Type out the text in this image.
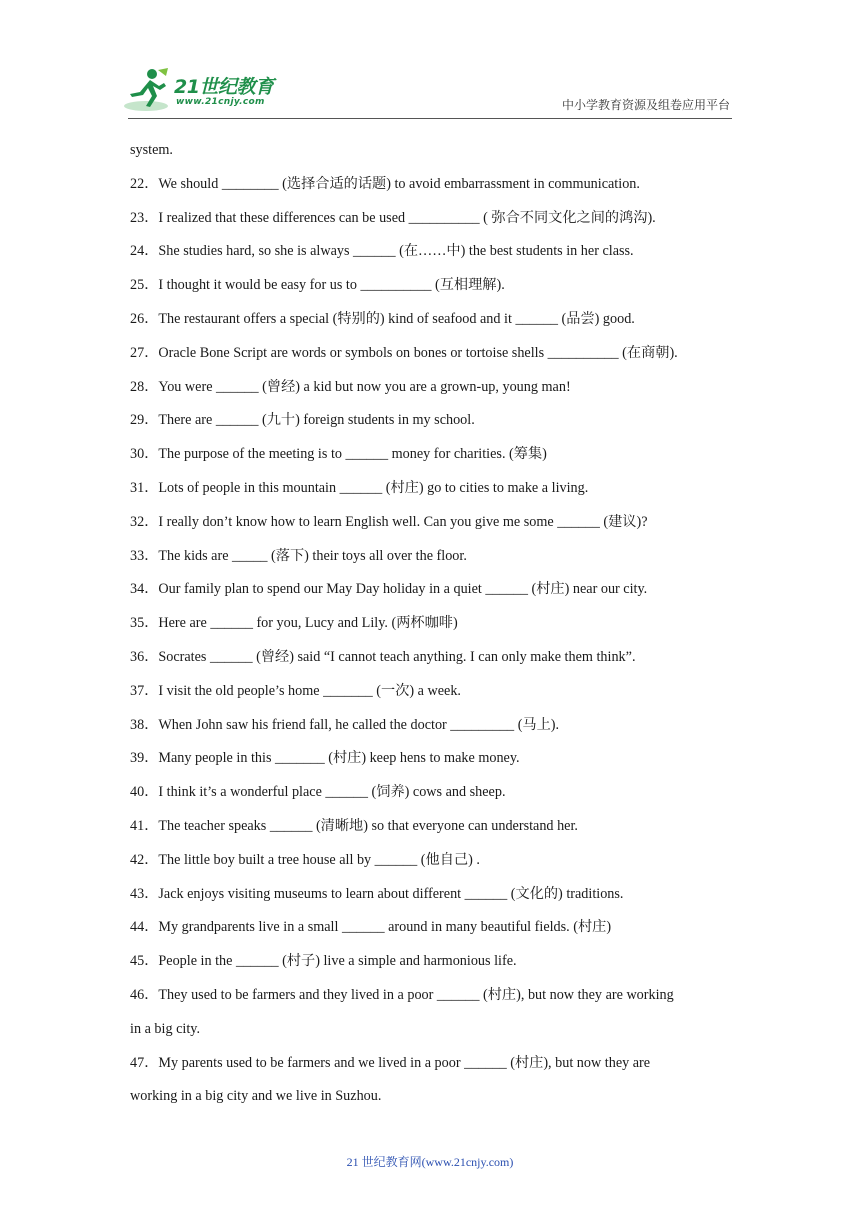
21世纪教育
www.21cnjy.com	中小学教育资源及组卷应用平台
system.
22．We should ________ (选择合适的话题) to avoid embarrassment in communication.
23．I realized that these differences can be used __________ ( 弥合不同文化之间的鸿沟).
24．She studies hard, so she is always ______ (在……中) the best students in her class.
25．I thought it would be easy for us to __________ (互相理解).
26．The restaurant offers a special (特别的) kind of seafood and it ______ (品尝) good.
27．Oracle Bone Script are words or symbols on bones or tortoise shells __________ (在商朝).
28．You were ______ (曾经) a kid but now you are a grown-up, young man!
29．There are ______ (九十) foreign students in my school.
30．The purpose of the meeting is to ______ money for charities. (筹集)
31．Lots of people in this mountain ______ (村庄) go to cities to make a living.
32．I really don’t know how to learn English well. Can you give me some ______ (建议)?
33．The kids are _____ (落下) their toys all over the floor.
34．Our family plan to spend our May Day holiday in a quiet ______ (村庄) near our city.
35．Here are ______ for you, Lucy and Lily. (两杯咖啡)
36．Socrates ______ (曾经) said “I cannot teach anything. I can only make them think”.
37．I visit the old people’s home _______ (一次) a week.
38．When John saw his friend fall, he called the doctor _________ (马上).
39．Many people in this _______ (村庄) keep hens to make money.
40．I think it’s a wonderful place ______ (饲养) cows and sheep.
41．The teacher speaks ______ (清晰地) so that everyone can understand her.
42．The little boy built a tree house all by ______ (他自己) .
43．Jack enjoys visiting museums to learn about different ______ (文化的) traditions.
44．My grandparents live in a small ______ around in many beautiful fields. (村庄)
45．People in the ______ (村子) live a simple and harmonious life.
46．They used to be farmers and they lived in a poor ______ (村庄), but now they are working
in a big city.
47．My parents used to be farmers and we lived in a poor ______ (村庄), but now they are
working in a big city and we live in Suzhou.
21 世纪教育网(www.21cnjy.com)
